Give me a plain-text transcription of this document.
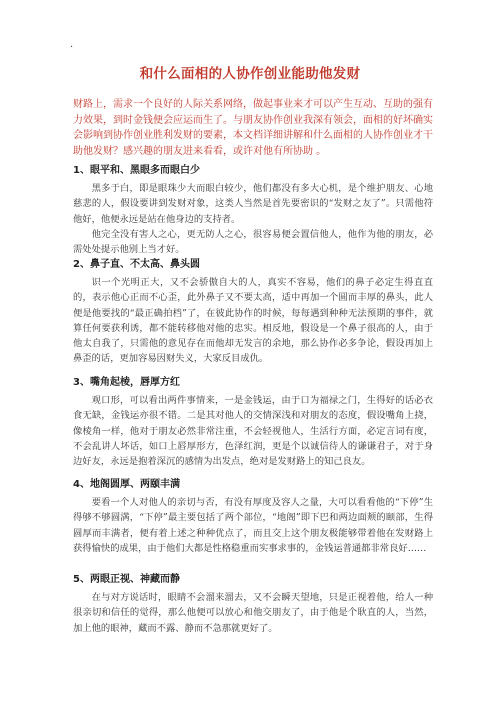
.
和什么面相的人协作创业能助他发财
财路上，需求一个良好的人际关系网络，做起事业来才可以产生互动、互助的强有力效果，到时金钱便会应运而生了。与朋友协作创业我深有领会，面相的好坏确实会影响到协作创业胜利发财的要素，本文档详细讲解和什么面相的人协作创业才干助他发财？感兴趣的朋友进来看看，或许对他有所协助 。
1、眼平和、黑眼多而眼白少

黑多于白，即是眼珠少大而眼白较少，他们都没有多大心机，是个维护朋友、心地慈悲的人，假设要讲到发财对象，这类人当然是首先要密识的“发财之友了”。只需他符他好，他便永远是站在他身边的支持者。

他完全没有害人之心，更无防人之心，很容易便会置信他人，他作为他的朋友，必需处处提示他别上当才好。

2、鼻子直、不太高、鼻头圆

识一个光明正大，又不会骄傲自大的人，真实不容易，他们的鼻子必定生得直直的，表示他心正而不心歪，此外鼻子又不要太高，适中再加一个圆而丰厚的鼻头，此人便是他要找的“最正确拍档”了，在彼此协作的时候，每每遇到种种无法预期的事件，就算任何要获利诱，都不能转移他对他的忠实。相反地，假设是一个鼻子很高的人，由于他太自我了，只需他的意见存在而他却无发言的余地，那么协作必多争论，假设再加上鼻歪的话，更加容易因财失义，大家反目成仇。

3、嘴角起棱，唇厚方红

观口形，可以看出两件事情来，一是金钱运，由于口为福禄之门，生得好的话必衣食无缺，金钱运亦很不错。二是其对他人的交情深浅和对朋友的态度，假设嘴角上挠，像棱角一样，他对于朋友必然非常注重，不会轻视他人，生活行方面，必定言词有度，不会乱讲人坏话，如口上唇厚形方，色泽红润，更是个以诚信待人的谦谦君子，对于身边好友，永远是抱着深沉的感情为出发点，绝对是发财路上的知己良友。

4、地阁圆厚、两颐丰满

要看一个人对他人的亲切与否，有没有厚度及容人之量，大可以看看他的“下停”生得够不够圆满，“下停”最主要包括了两个部位，“地阁”即下巴和两边面颊的颐部，生得圆厚而丰满者，便有着上述之种种优点了，而且交上这个朋友极能够带着他在发财路上获得愉快的成果，由于他们大都是性格稳重而实事求事的，金钱运普通都非常良好……

5、两眼正视、神藏而静

在与对方说话时，眼睛不会溜来溜去，又不会瞬天望地，只是正视着他，给人一种很亲切和信任的觉得，那么他便可以放心和他交朋友了，由于他是个耿直的人，当然，加上他的眼神，藏而不露、静而不急那就更好了。
